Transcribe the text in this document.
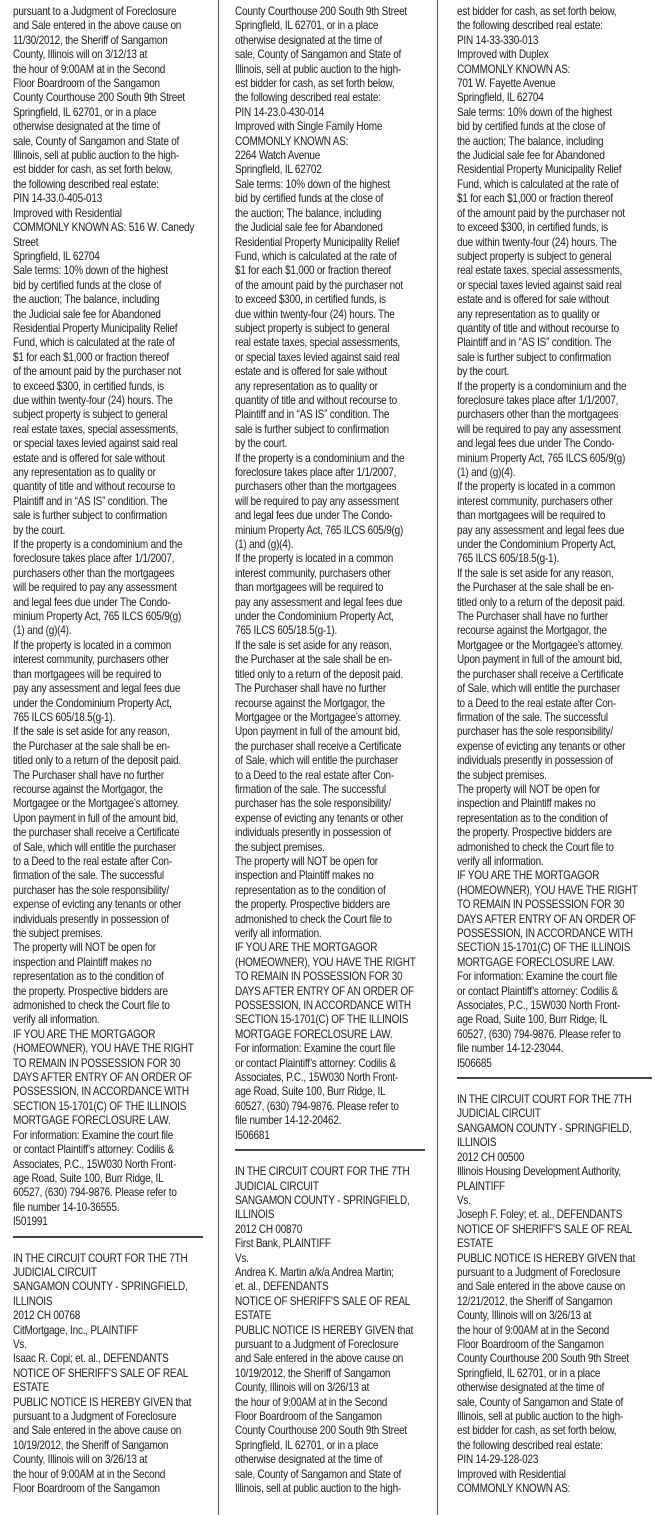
pursuant to a Judgment of Foreclosure
and Sale entered in the above cause on
11/30/2012, the Sheriff of Sangamon
County, Illinois will on 3/12/13 at
the hour of 9:00AM at in the Second
Floor Boardroom of the Sangamon
County Courthouse 200 South 9th Street
Springfield, IL 62701, or in a place
otherwise designated at the time of
sale, County of Sangamon and State of
Illinois, sell at public auction to the high-
est bidder for cash, as set forth below,
the following described real estate:
PIN 14-33.0-405-013
Improved with Residential
COMMONLY KNOWN AS: 516 W. Canedy
Street
Springfield, IL 62704
Sale terms: 10% down of the highest
bid by certified funds at the close of
the auction; The balance, including
the Judicial sale fee for Abandoned
Residential Property Municipality Relief
Fund, which is calculated at the rate of
$1 for each $1,000 or fraction thereof
of the amount paid by the purchaser not
to exceed $300, in certified funds, is
due within twenty-four (24) hours. The
subject property is subject to general
real estate taxes, special assessments,
or special taxes levied against said real
estate and is offered for sale without
any representation as to quality or
quantity of title and without recourse to
Plaintiff and in “AS IS” condition. The
sale is further subject to confirmation
by the court.
If the property is a condominium and the
foreclosure takes place after 1/1/2007,
purchasers other than the mortgagees
will be required to pay any assessment
and legal fees due under The Condo-
minium Property Act, 765 ILCS 605/9(g)
(1) and (g)(4).
If the property is located in a common
interest community, purchasers other
than mortgagees will be required to
pay any assessment and legal fees due
under the Condominium Property Act,
765 ILCS 605/18.5(g-1).
If the sale is set aside for any reason,
the Purchaser at the sale shall be en-
titled only to a return of the deposit paid.
The Purchaser shall have no further
recourse against the Mortgagor, the
Mortgagee or the Mortgagee’s attorney.
Upon payment in full of the amount bid,
the purchaser shall receive a Certificate
of Sale, which will entitle the purchaser
to a Deed to the real estate after Con-
firmation of the sale. The successful
purchaser has the sole responsibility/
expense of evicting any tenants or other
individuals presently in possession of
the subject premises.
The property will NOT be open for
inspection and Plaintiff makes no
representation as to the condition of
the property. Prospective bidders are
admonished to check the Court file to
verify all information.
IF YOU ARE THE MORTGAGOR
(HOMEOWNER), YOU HAVE THE RIGHT
TO REMAIN IN POSSESSION FOR 30
DAYS AFTER ENTRY OF AN ORDER OF
POSSESSION, IN ACCORDANCE WITH
SECTION 15-1701(C) OF THE ILLINOIS
MORTGAGE FORECLOSURE LAW.
For information: Examine the court file
or contact Plaintiff’s attorney: Codilis &
Associates, P.C., 15W030 North Front-
age Road, Suite 100, Burr Ridge, IL
60527, (630) 794-9876. Please refer to
file number 14-10-36555.
I501991
IN THE CIRCUIT COURT FOR THE 7TH
JUDICIAL CIRCUIT
SANGAMON COUNTY - SPRINGFIELD,
ILLINOIS
2012 CH 00768
CitMortgage, Inc., PLAINTIFF
Vs.
Isaac R. Copi; et. al., DEFENDANTS
NOTICE OF SHERIFF'S SALE OF REAL
ESTATE
PUBLIC NOTICE IS HEREBY GIVEN that
pursuant to a Judgment of Foreclosure
and Sale entered in the above cause on
10/19/2012, the Sheriff of Sangamon
County, Illinois will on 3/26/13 at
the hour of 9:00AM at in the Second
Floor Boardroom of the Sangamon
County Courthouse 200 South 9th Street
Springfield, IL 62701, or in a place
otherwise designated at the time of
sale, County of Sangamon and State of
Illinois, sell at public auction to the high-
est bidder for cash, as set forth below,
the following described real estate:
PIN 14-23.0-430-014
Improved with Single Family Home
COMMONLY KNOWN AS:
2264 Watch Avenue
Springfield, IL 62702
Sale terms: 10% down of the highest
bid by certified funds at the close of
the auction; The balance, including
the Judicial sale fee for Abandoned
Residential Property Municipality Relief
Fund, which is calculated at the rate of
$1 for each $1,000 or fraction thereof
of the amount paid by the purchaser not
to exceed $300, in certified funds, is
due within twenty-four (24) hours. The
subject property is subject to general
real estate taxes, special assessments,
or special taxes levied against said real
estate and is offered for sale without
any representation as to quality or
quantity of title and without recourse to
Plaintiff and in “AS IS” condition. The
sale is further subject to confirmation
by the court.
If the property is a condominium and the
foreclosure takes place after 1/1/2007,
purchasers other than the mortgagees
will be required to pay any assessment
and legal fees due under The Condo-
minium Property Act, 765 ILCS 605/9(g)
(1) and (g)(4).
If the property is located in a common
interest community, purchasers other
than mortgagees will be required to
pay any assessment and legal fees due
under the Condominium Property Act,
765 ILCS 605/18.5(g-1).
If the sale is set aside for any reason,
the Purchaser at the sale shall be en-
titled only to a return of the deposit paid.
The Purchaser shall have no further
recourse against the Mortgagor, the
Mortgagee or the Mortgagee’s attorney.
Upon payment in full of the amount bid,
the purchaser shall receive a Certificate
of Sale, which will entitle the purchaser
to a Deed to the real estate after Con-
firmation of the sale. The successful
purchaser has the sole responsibility/
expense of evicting any tenants or other
individuals presently in possession of
the subject premises.
The property will NOT be open for
inspection and Plaintiff makes no
representation as to the condition of
the property. Prospective bidders are
admonished to check the Court file to
verify all information.
IF YOU ARE THE MORTGAGOR
(HOMEOWNER), YOU HAVE THE RIGHT
TO REMAIN IN POSSESSION FOR 30
DAYS AFTER ENTRY OF AN ORDER OF
POSSESSION, IN ACCORDANCE WITH
SECTION 15-1701(C) OF THE ILLINOIS
MORTGAGE FORECLOSURE LAW.
For information: Examine the court file
or contact Plaintiff’s attorney: Codilis &
Associates, P.C., 15W030 North Front-
age Road, Suite 100, Burr Ridge, IL
60527, (630) 794-9876. Please refer to
file number 14-12-20462.
I506681
IN THE CIRCUIT COURT FOR THE 7TH
JUDICIAL CIRCUIT
SANGAMON COUNTY - SPRINGFIELD,
ILLINOIS
2012 CH 00870
First Bank, PLAINTIFF
Vs.
Andrea K. Martin a/k/a Andrea Martin;
et. al., DEFENDANTS
NOTICE OF SHERIFF'S SALE OF REAL
ESTATE
PUBLIC NOTICE IS HEREBY GIVEN that
pursuant to a Judgment of Foreclosure
and Sale entered in the above cause on
10/19/2012, the Sheriff of Sangamon
County, Illinois will on 3/26/13 at
the hour of 9:00AM at in the Second
Floor Boardroom of the Sangamon
County Courthouse 200 South 9th Street
Springfield, IL 62701, or in a place
otherwise designated at the time of
sale, County of Sangamon and State of
Illinois, sell at public auction to the high-
est bidder for cash, as set forth below,
the following described real estate:
PIN 14-33-330-013
Improved with Duplex
COMMONLY KNOWN AS:
701 W. Fayette Avenue
Springfield, IL 62704
Sale terms: 10% down of the highest
bid by certified funds at the close of
the auction; The balance, including
the Judicial sale fee for Abandoned
Residential Property Municipality Relief
Fund, which is calculated at the rate of
$1 for each $1,000 or fraction thereof
of the amount paid by the purchaser not
to exceed $300, in certified funds, is
due within twenty-four (24) hours. The
subject property is subject to general
real estate taxes, special assessments,
or special taxes levied against said real
estate and is offered for sale without
any representation as to quality or
quantity of title and without recourse to
Plaintiff and in “AS IS” condition. The
sale is further subject to confirmation
by the court.
If the property is a condominium and the
foreclosure takes place after 1/1/2007,
purchasers other than the mortgagees
will be required to pay any assessment
and legal fees due under The Condo-
minium Property Act, 765 ILCS 605/9(g)
(1) and (g)(4).
If the property is located in a common
interest community, purchasers other
than mortgagees will be required to
pay any assessment and legal fees due
under the Condominium Property Act,
765 ILCS 605/18.5(g-1).
If the sale is set aside for any reason,
the Purchaser at the sale shall be en-
titled only to a return of the deposit paid.
The Purchaser shall have no further
recourse against the Mortgagor, the
Mortgagee or the Mortgagee’s attorney.
Upon payment in full of the amount bid,
the purchaser shall receive a Certificate
of Sale, which will entitle the purchaser
to a Deed to the real estate after Con-
firmation of the sale. The successful
purchaser has the sole responsibility/
expense of evicting any tenants or other
individuals presently in possession of
the subject premises.
The property will NOT be open for
inspection and Plaintiff makes no
representation as to the condition of
the property. Prospective bidders are
admonished to check the Court file to
verify all information.
IF YOU ARE THE MORTGAGOR
(HOMEOWNER), YOU HAVE THE RIGHT
TO REMAIN IN POSSESSION FOR 30
DAYS AFTER ENTRY OF AN ORDER OF
POSSESSION, IN ACCORDANCE WITH
SECTION 15-1701(C) OF THE ILLINOIS
MORTGAGE FORECLOSURE LAW.
For information: Examine the court file
or contact Plaintiff’s attorney: Codilis &
Associates, P.C., 15W030 North Front-
age Road, Suite 100, Burr Ridge, IL
60527, (630) 794-9876. Please refer to
file number 14-12-23044.
I506685
IN THE CIRCUIT COURT FOR THE 7TH
JUDICIAL CIRCUIT
SANGAMON COUNTY - SPRINGFIELD,
ILLINOIS
2012 CH 00500
Illinois Housing Development Authority,
PLAINTIFF
Vs.
Joseph F. Foley; et. al., DEFENDANTS
NOTICE OF SHERIFF'S SALE OF REAL
ESTATE
PUBLIC NOTICE IS HEREBY GIVEN that
pursuant to a Judgment of Foreclosure
and Sale entered in the above cause on
12/21/2012, the Sheriff of Sangamon
County, Illinois will on 3/26/13 at
the hour of 9:00AM at in the Second
Floor Boardroom of the Sangamon
County Courthouse 200 South 9th Street
Springfield, IL 62701, or in a place
otherwise designated at the time of
sale, County of Sangamon and State of
Illinois, sell at public auction to the high-
est bidder for cash, as set forth below,
the following described real estate:
PIN 14-29-128-023
Improved with Residential
COMMONLY KNOWN AS:
